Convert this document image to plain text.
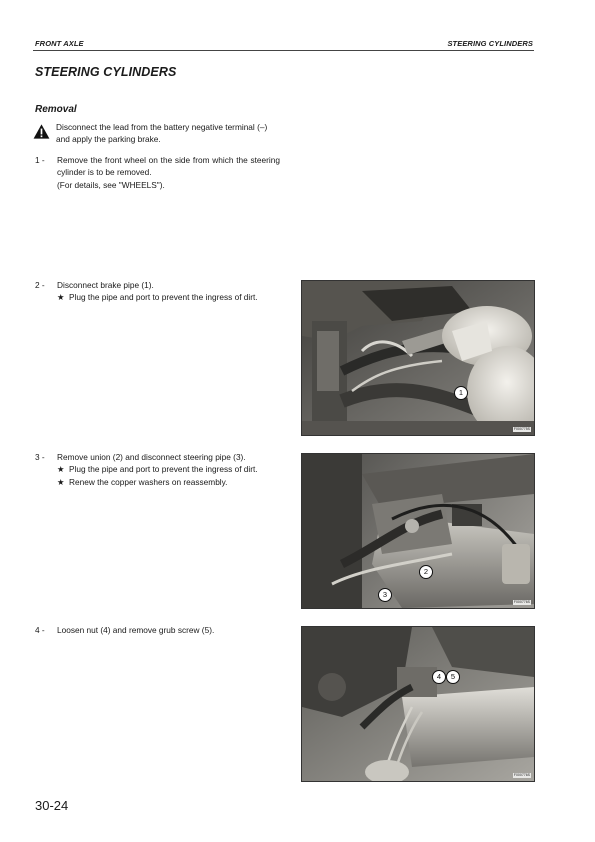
FRONT AXLE	STEERING CYLINDERS
STEERING CYLINDERS
Removal
Disconnect the lead from the battery negative terminal (–) and apply the parking brake.
1 -	Remove the front wheel on the side from which the steering cylinder is to be removed.
(For details, see "WHEELS").
2 -	Disconnect brake pipe (1).
★ Plug the pipe and port to prevent the ingress of dirt.
3 -	Remove union (2) and disconnect steering pipe (3).
★ Plug the pipe and port to prevent the ingress of dirt.
★ Renew the copper washers on reassembly.
4 -	Loosen nut (4) and remove grub screw (5).
1
F000775S
2
3
F000776S
4	5
F000776S
30-24
